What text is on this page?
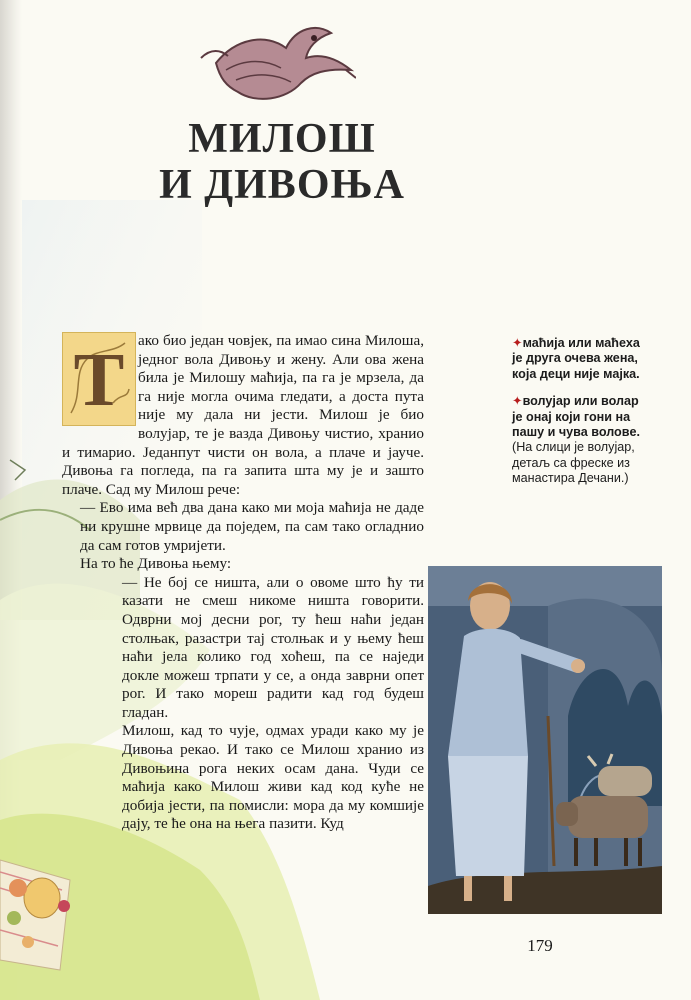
МИЛОШ
И ДИВОЊА
Т ако био један човјек, па имао сина Милоша, једног вола Дивоњу и жену. Али ова жена била је Милошу маћија, па га је мрзела, да га није могла очима гледати, а доста пута није му дала ни јести. Милош је био волујар, те је вазда Дивоњу чистио, хранио и тимарио. Једанпут чисти он вола, а плаче и јауче. Дивоња га погледа, па га запита шта му је и зашто плаче. Сад му Милош рече:

— Ево има већ два дана како ми моја маћија не даде ни крушне мрвице да поједем, па сам тако огладнио да сам готов умријети.

На то ће Дивоња њему:

— Не бој се ништа, али о овоме што ћу ти казати не смеш никоме ништа говорити. Одврни мој десни рог, ту ћеш наћи један столњак, разастри тај столњак и у њему ћеш наћи јела колико год хоћеш, па се наједи докле можеш трпати у се, а онда заврни опет рог. И тако мореш радити кад год будеш гладан.

Милош, кад то чује, одмах уради како му је Дивоња рекао. И тако се Милош хранио из Дивоњина рога неких осам дана. Чуди се маћија како Милош живи кад код куће не добија јести, па помисли: мора да му комшије дају, те ће она на њега пазити. Куд

✦маћија или маћеха је друга очева жена, која деци није мајка.
✦волујар или волар је онај који гони на пашу и чува воловe. (На слици је волујар, детаљ са фреске из манастира Дечани.)
179
